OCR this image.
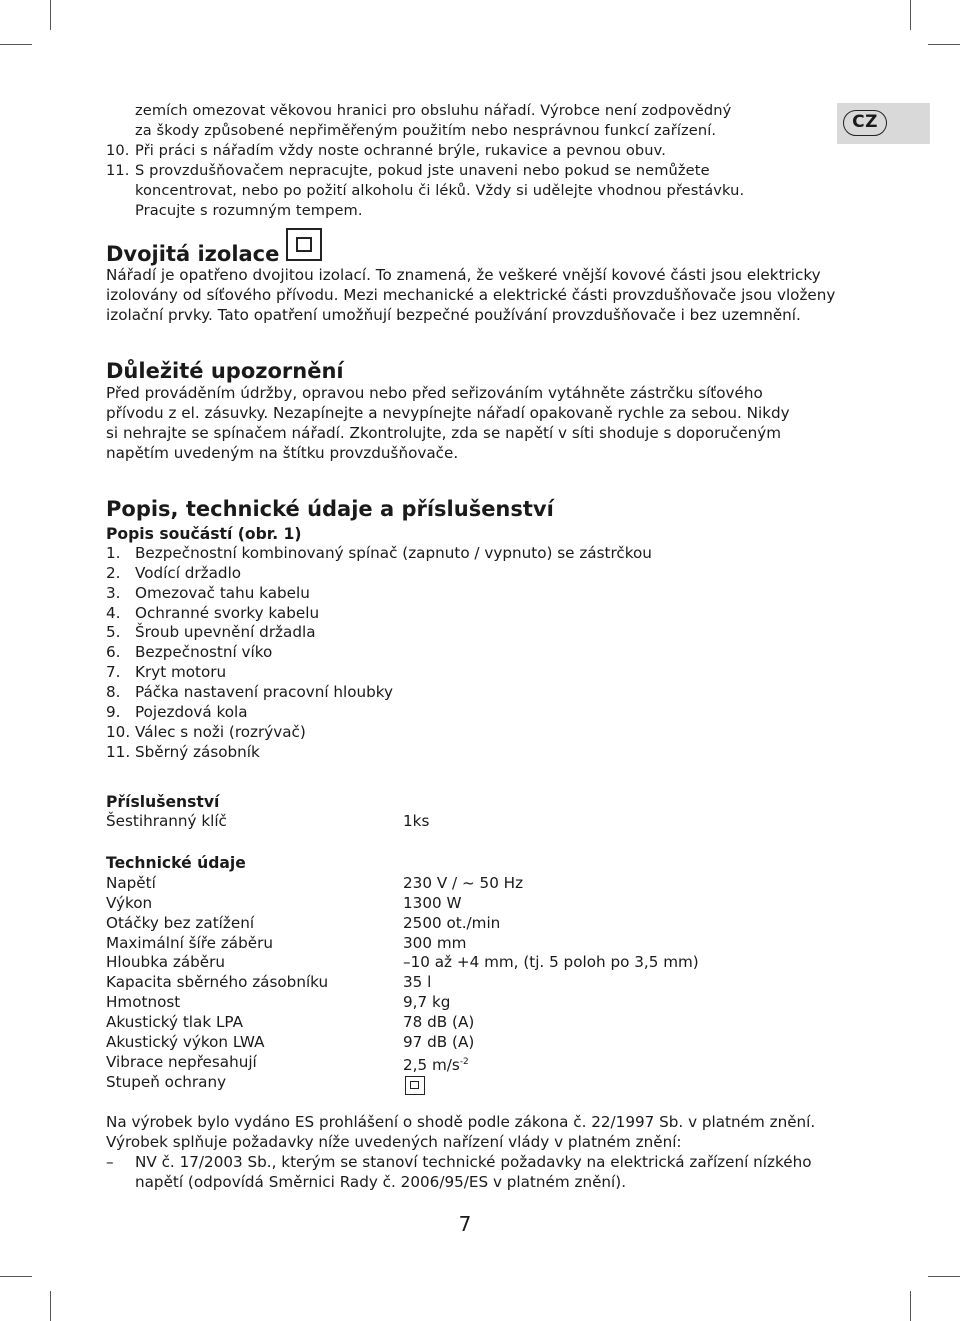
CZ
zemích omezovat věkovou hranici pro obsluhu nářadí. Výrobce není zodpovědný
za škody způsobené nepřiměřeným použitím nebo nesprávnou funkcí zařízení.
10. Při práci s nářadím vždy noste ochranné brýle, rukavice a pevnou obuv.
11. S provzdušňovačem nepracujte, pokud jste unaveni nebo pokud se nemůžete
koncentrovat, nebo po požití alkoholu či léků. Vždy si udělejte vhodnou přestávku.
Pracujte s rozumným tempem.
Dvojitá izolace
Nářadí je opatřeno dvojitou izolací. To znamená, že veškeré vnější kovové části jsou elektricky
izolovány od síťového přívodu. Mezi mechanické a elektrické části provzdušňovače jsou vloženy
izolační prvky. Tato opatření umožňují bezpečné používání provzdušňovače i bez uzemnění.
Důležité upozornění
Před prováděním údržby, opravou nebo před seřizováním vytáhněte zástrčku síťového
přívodu z el. zásuvky. Nezapínejte a nevypínejte nářadí opakovaně rychle za sebou. Nikdy
si nehrajte se spínačem nářadí. Zkontrolujte, zda se napětí v síti shoduje s doporučeným
napětím uvedeným na štítku provzdušňovače.
Popis, technické údaje a příslušenství
Popis součástí (obr. 1)
1. Bezpečnostní kombinovaný spínač (zapnuto / vypnuto) se zástrčkou
2. Vodící držadlo
3. Omezovač tahu kabelu
4. Ochranné svorky kabelu
5. Šroub upevnění držadla
6. Bezpečnostní víko
7. Kryt motoru
8. Páčka nastavení pracovní hloubky
9. Pojezdová kola
10. Válec s noži (rozrývač)
11. Sběrný zásobník
Příslušenství
Šestihranný klíč	1ks
Technické údaje
Napětí	230 V / ~ 50 Hz
Výkon	1300 W
Otáčky bez zatížení	2500 ot./min
Maximální šíře záběru	300 mm
Hloubka záběru	–10 až +4 mm, (tj. 5 poloh po 3,5 mm)
Kapacita sběrného zásobníku	35 l
Hmotnost	9,7 kg
Akustický tlak LPA	78 dB (A)
Akustický výkon LWA	97 dB (A)
Vibrace nepřesahují	2,5 $m/s^{-2}$
Stupeň ochrany
Na výrobek bylo vydáno ES prohlášení o shodě podle zákona č. 22/1997 Sb. v platném znění.
Výrobek splňuje požadavky níže uvedených nařízení vlády v platném znění:
– NV č. 17/2003 Sb., kterým se stanoví technické požadavky na elektrická zařízení nízkého
napětí (odpovídá Směrnici Rady č. 2006/95/ES v platném znění).
7
